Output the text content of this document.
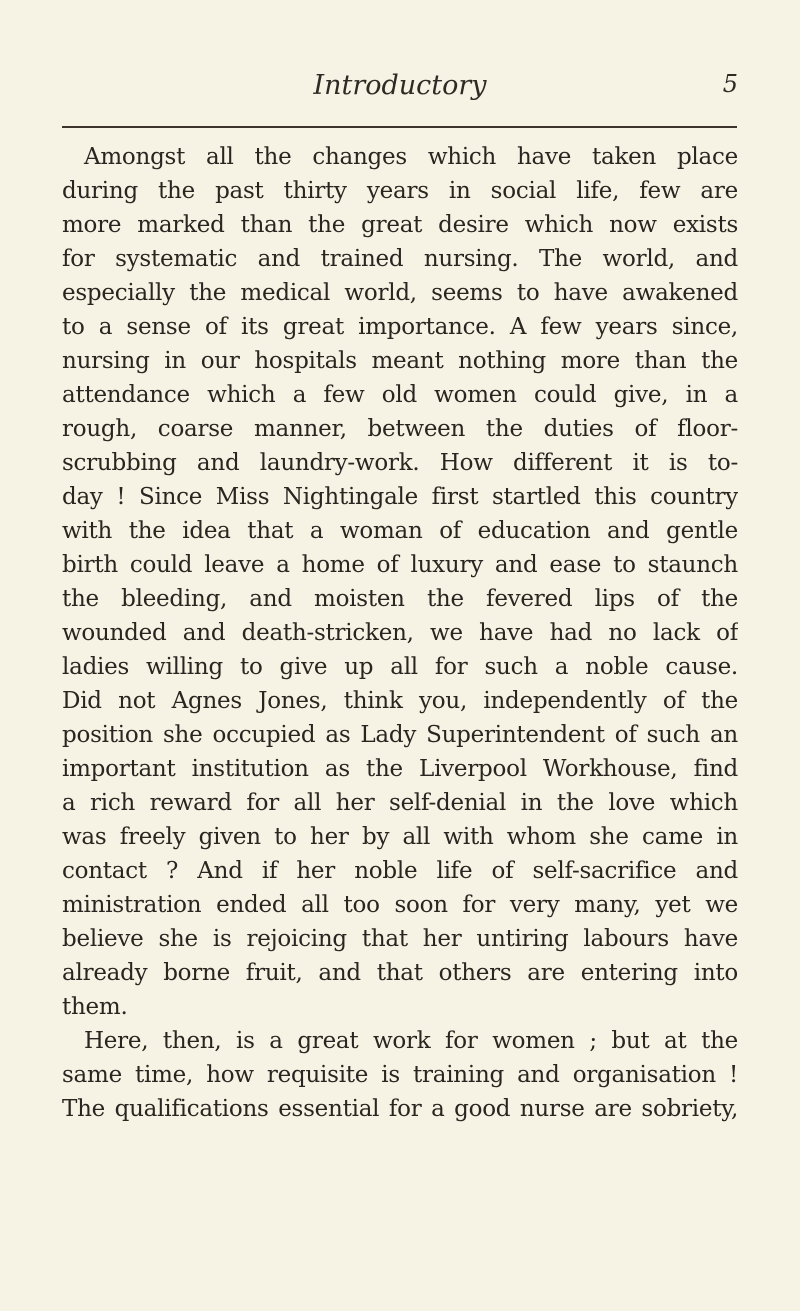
Introductory	5
Amongst all the changes which have taken place
during the past thirty years in social life, few are
more marked than the great desire which now exists
for systematic and trained nursing. The world, and
especially the medical world, seems to have awakened
to a sense of its great importance. A few years since,
nursing in our hospitals meant nothing more than the
attendance which a few old women could give, in a
rough, coarse manner, between the duties of floor-
scrubbing and laundry-work. How different it is to-
day ! Since Miss Nightingale first startled this country
with the idea that a woman of education and gentle
birth could leave a home of luxury and ease to staunch
the bleeding, and moisten the fevered lips of the
wounded and death-stricken, we have had no lack of
ladies willing to give up all for such a noble cause.
Did not Agnes Jones, think you, independently of the
position she occupied as Lady Superintendent of such an
important institution as the Liverpool Workhouse, find
a rich reward for all her self-denial in the love which
was freely given to her by all with whom she came in
contact ? And if her noble life of self-sacrifice and
ministration ended all too soon for very many, yet we
believe she is rejoicing that her untiring labours have
already borne fruit, and that others are entering into
them.
Here, then, is a great work for women ; but at the
same time, how requisite is training and organisation !
The qualifications essential for a good nurse are sobriety,
